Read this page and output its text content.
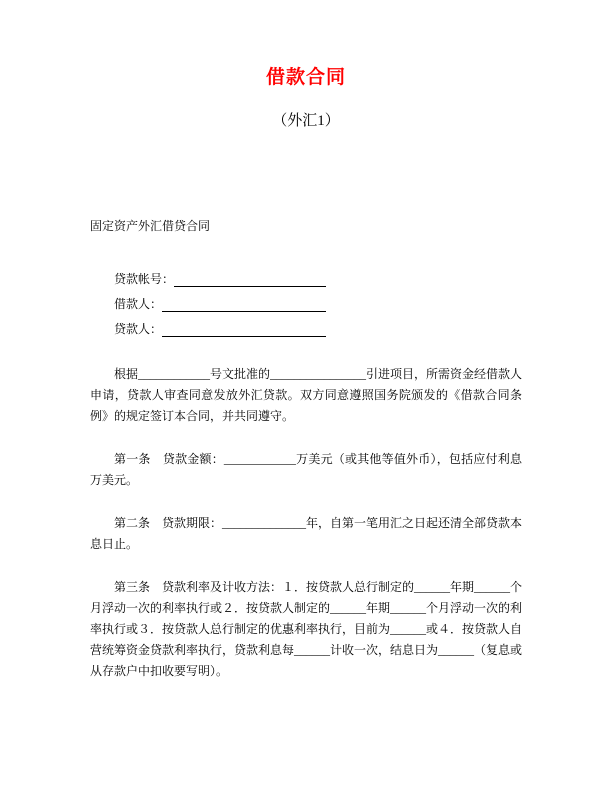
借款合同
（外汇1）
固定资产外汇借贷合同
贷款帐号：
借款人：
贷款人：

根据____________号文批准的________________引进项目，所需资金经借款人申请，贷款人审查同意发放外汇贷款。双方同意遵照国务院颁发的《借款合同条例》的规定签订本合同，并共同遵守。

第一条　贷款金额：____________万美元（或其他等值外币），包括应付利息万美元。

第二条　贷款期限：______________年，自第一笔用汇之日起还清全部贷款本息日止。

第三条　贷款利率及计收方法：１．按贷款人总行制定的______年期______个月浮动一次的利率执行或２．按贷款人制定的______年期______个月浮动一次的利率执行或３．按贷款人总行制定的优惠利率执行，目前为______或４．按贷款人自营统筹资金贷款利率执行，贷款利息每______计收一次，结息日为______（复息或从存款户中扣收要写明）。
